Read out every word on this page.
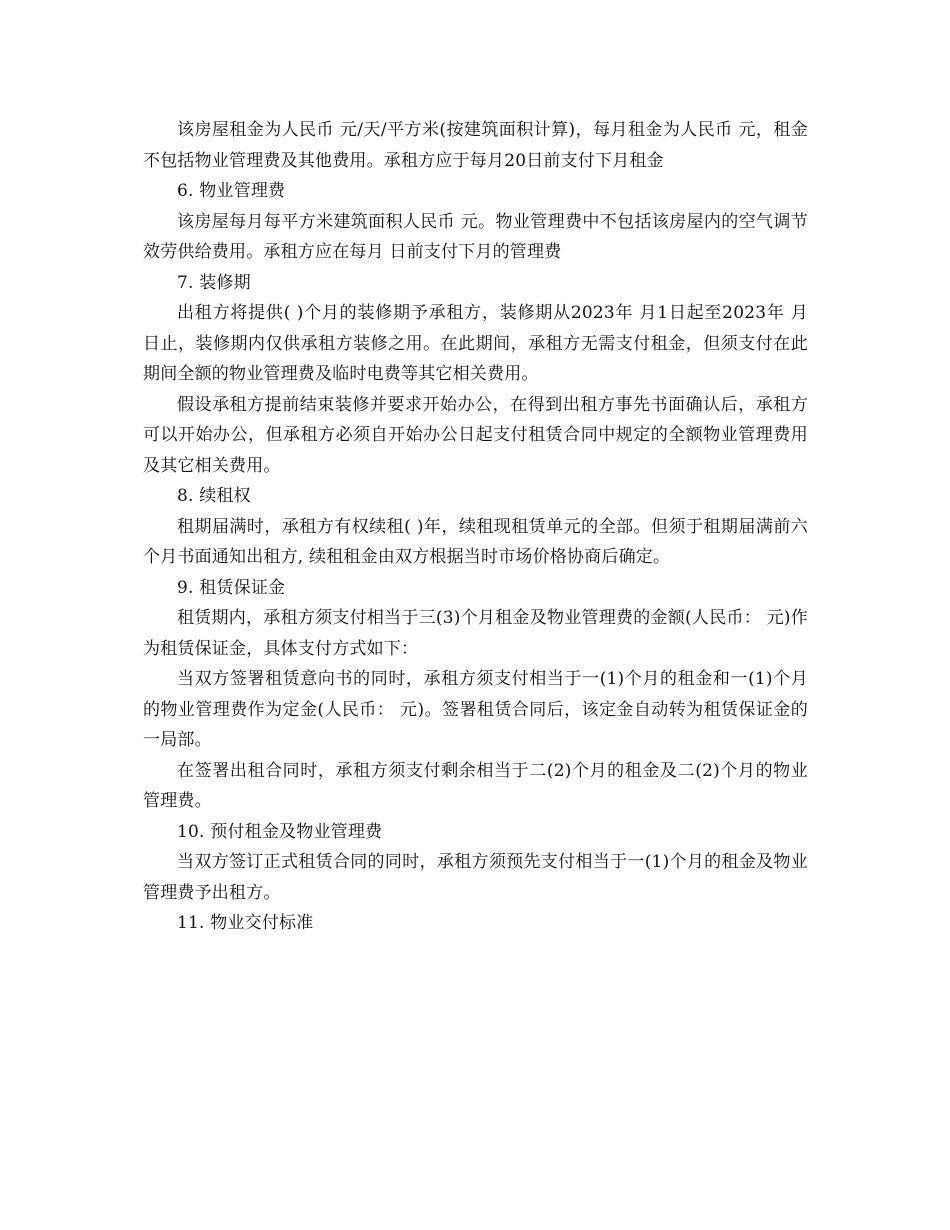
该房屋租金为人民币 元/天/平方米(按建筑面积计算)，每月租金为人民币 元，租金不包括物业管理费及其他费用。承租方应于每月20日前支付下月租金

6. 物业管理费

该房屋每月每平方米建筑面积人民币 元。物业管理费中不包括该房屋内的空气调节效劳供给费用。承租方应在每月 日前支付下月的管理费

7. 装修期

出租方将提供( )个月的装修期予承租方，装修期从2023年 月1日起至2023年 月 日止，装修期内仅供承租方装修之用。在此期间，承租方无需支付租金，但须支付在此期间全额的物业管理费及临时电费等其它相关费用。

假设承租方提前结束装修并要求开始办公，在得到出租方事先书面确认后，承租方可以开始办公，但承租方必须自开始办公日起支付租赁合同中规定的全额物业管理费用及其它相关费用。

8. 续租权

租期届满时，承租方有权续租( )年，续租现租赁单元的全部。但须于租期届满前六个月书面通知出租方, 续租租金由双方根据当时市场价格协商后确定。

9. 租赁保证金

租赁期内，承租方须支付相当于三(3)个月租金及物业管理费的金额(人民币： 元)作为租赁保证金，具体支付方式如下：

当双方签署租赁意向书的同时，承租方须支付相当于一(1)个月的租金和一(1)个月的物业管理费作为定金(人民币： 元)。签署租赁合同后，该定金自动转为租赁保证金的一局部。

在签署出租合同时，承租方须支付剩余相当于二(2)个月的租金及二(2)个月的物业管理费。

10. 预付租金及物业管理费

当双方签订正式租赁合同的同时，承租方须预先支付相当于一(1)个月的租金及物业管理费予出租方。

11. 物业交付标准
